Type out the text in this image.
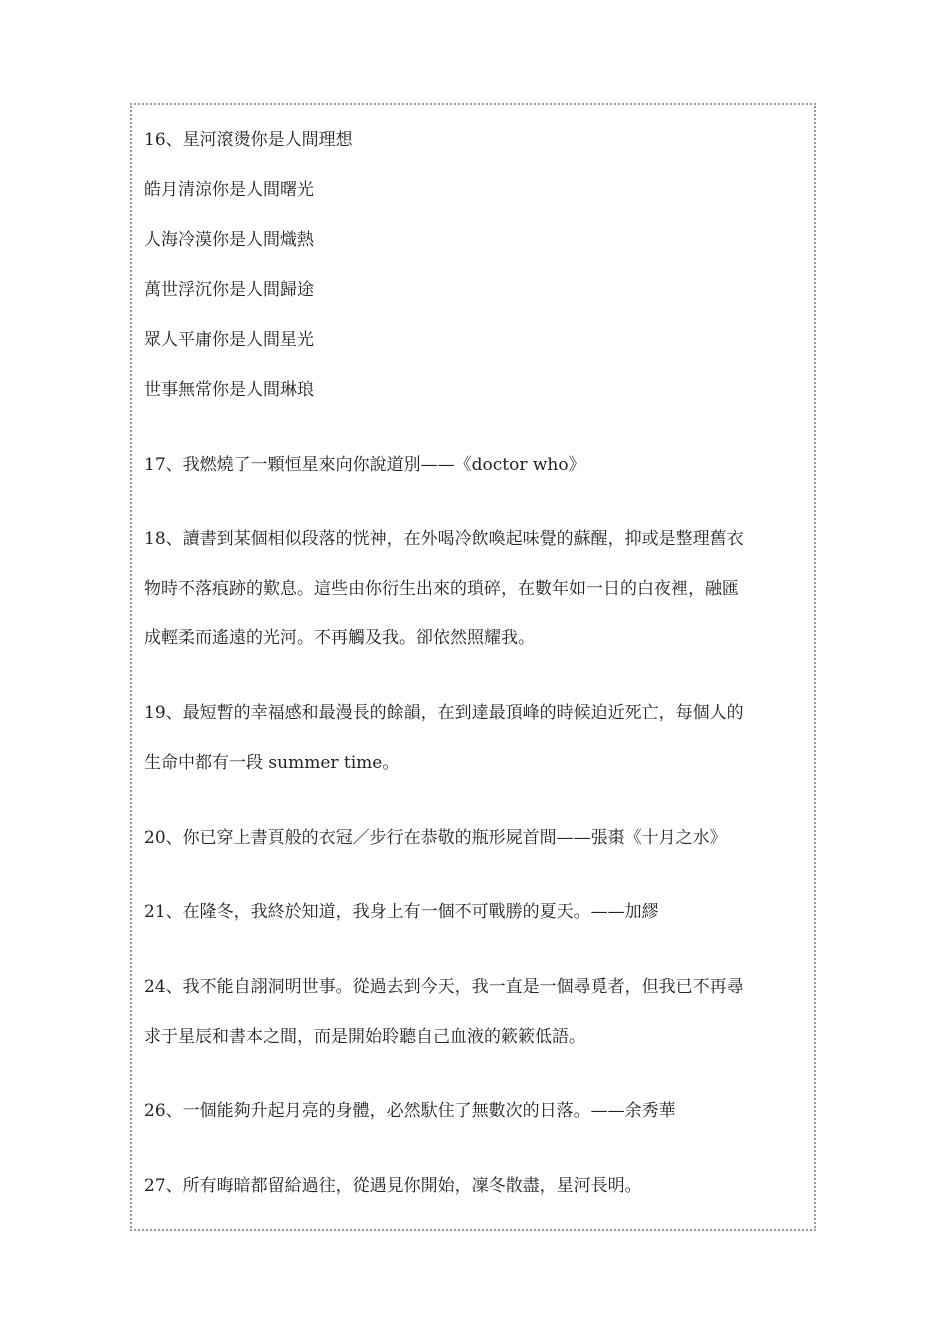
16、星河滾燙你是人間理想
皓月清涼你是人間曙光
人海冷漠你是人間熾熱
萬世浮沉你是人間歸途
眾人平庸你是人間星光
世事無常你是人間琳琅
17、我燃燒了一顆恒星來向你說道別——《doctor who》
18、讀書到某個相似段落的恍神，在外喝冷飲喚起味覺的蘇醒，抑或是整理舊衣
物時不落痕跡的歎息。這些由你衍生出來的瑣碎，在數年如一日的白夜裡，融匯
成輕柔而遙遠的光河。不再觸及我。卻依然照耀我。
19、最短暫的幸福感和最漫長的餘韻，在到達最頂峰的時候迫近死亡，每個人的
生命中都有一段 summer time。
20、你已穿上書頁般的衣冠／步行在恭敬的瓶形屍首間——張棗《十月之水》
21、在隆冬，我終於知道，我身上有一個不可戰勝的夏天。——加繆
24、我不能自詡洞明世事。從過去到今天，我一直是一個尋覓者，但我已不再尋
求于星辰和書本之間，而是開始聆聽自己血液的簌簌低語。
26、一個能夠升起月亮的身體，必然馱住了無數次的日落。——余秀華
27、所有晦暗都留給過往，從遇見你開始，凜冬散盡，星河長明。
